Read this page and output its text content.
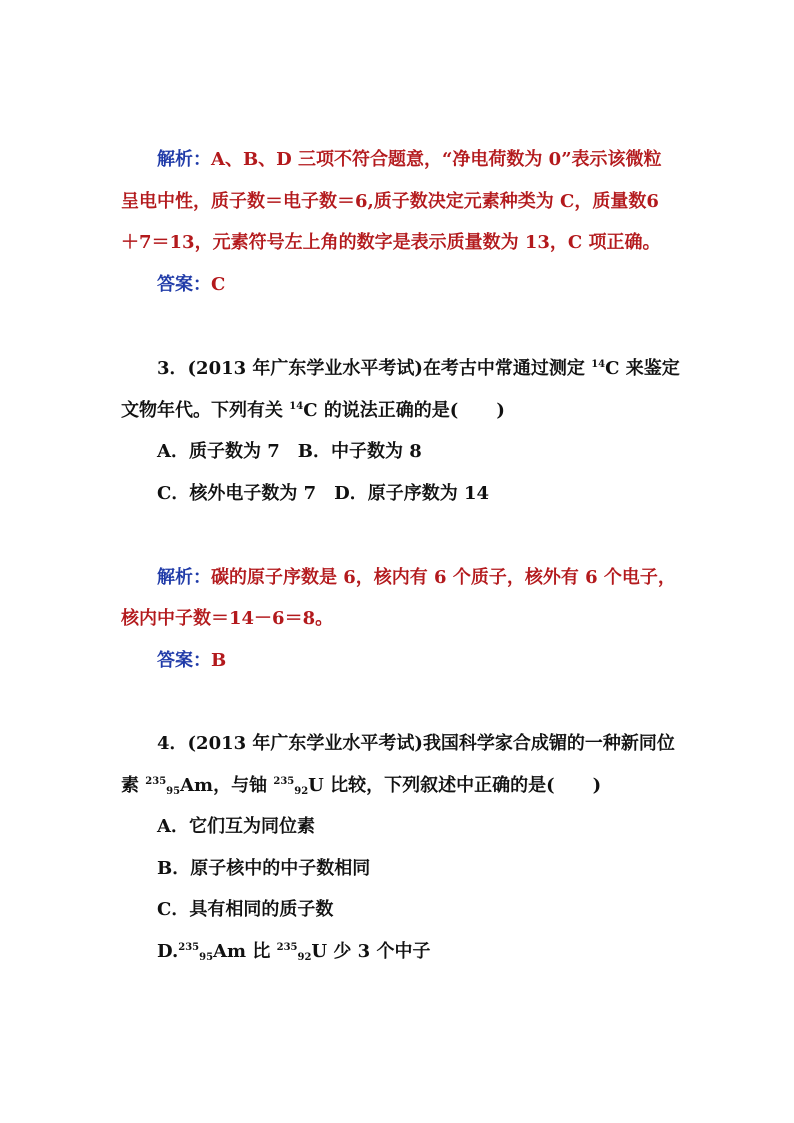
解析：A、B、D 三项不符合题意，“净电荷数为 0”表示该微粒
呈电中性，质子数＝电子数＝6,质子数决定元素种类为 C，质量数6
＋7＝13，元素符号左上角的数字是表示质量数为 13，C 项正确。
答案：C
3．(2013 年广东学业水平考试)在考古中常通过测定 $^{14}$C 来鉴定
文物年代。下列有关 $^{14}$C 的说法正确的是( )
A．质子数为 7　B．中子数为 8
C．核外电子数为 7　D．原子序数为 14
解析：碳的原子序数是 6，核内有 6 个质子，核外有 6 个电子，
核内中子数＝14－6＝8。
答案：B
4．(2013 年广东学业水平考试)我国科学家合成镅的一种新同位
素 $^{235}_{95}$Am，与铀 $^{235}_{92}$U 比较，下列叙述中正确的是( )
A．它们互为同位素
B．原子核中的中子数相同
C．具有相同的质子数
D.$^{235}_{95}$Am 比 $^{235}_{92}$U 少 3 个中子
